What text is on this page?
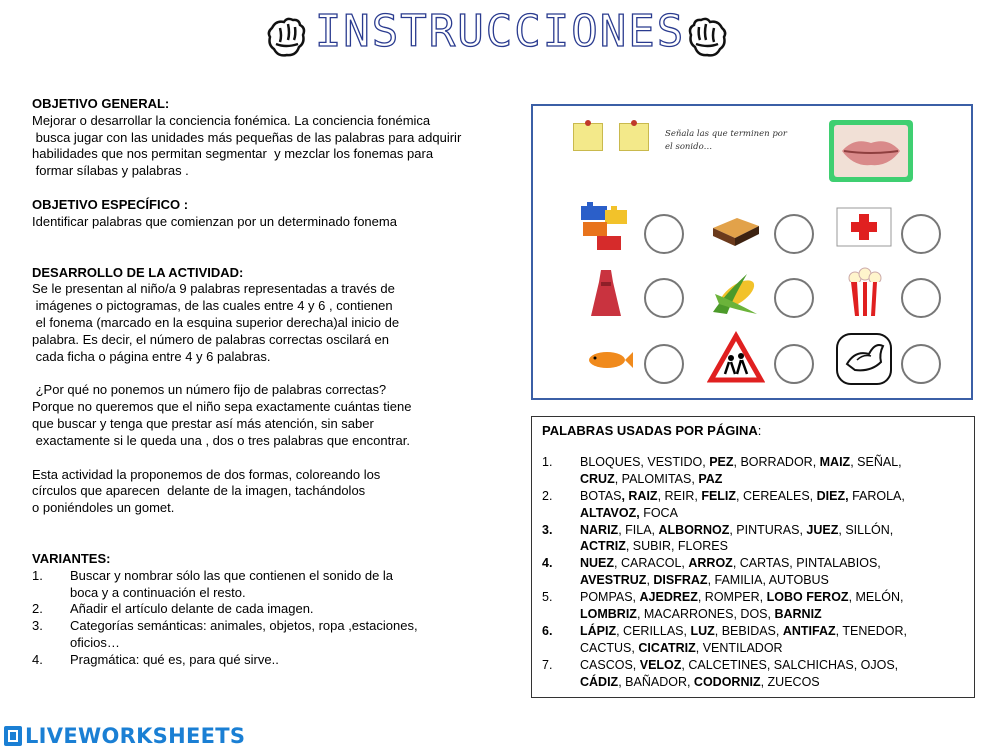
INSTRUCCIONES
OBJETIVO GENERAL:

Mejorar o desarrollar la conciencia fonémica. La conciencia fonémica

busca jugar con las unidades más pequeñas de las palabras para adquirir

habilidades que nos permitan segmentar  y mezclar los fonemas para

formar sílabas y palabras .

OBJETIVO ESPECÍFICO :

Identificar palabras que comienzan por un determinado fonema

DESARROLLO DE LA ACTIVIDAD:

Se le presentan al niño/a 9 palabras representadas a través de

imágenes o pictogramas, de las cuales entre 4 y 6 , contienen

el fonema (marcado en la esquina superior derecha)al inicio de

palabra. Es decir, el número de palabras correctas oscilará en

cada ficha o página entre 4 y 6 palabras.

¿Por qué no ponemos un número fijo de palabras correctas?

Porque no queremos que el niño sepa exactamente cuántas tiene

que buscar y tenga que prestar así más atención, sin saber

exactamente si le queda una , dos o tres palabras que encontrar.

Esta actividad la proponemos de dos formas, coloreando los

círculos que aparecen  delante de la imagen, tachándolos

o poniéndoles un gomet.

VARIANTES:
1.	Buscar y nombrar sólo las que contienen el sonido de la
boca y a continuación el resto.
2.	Añadir el artículo delante de cada imagen.
3.	Categorías semánticas: animales, objetos, ropa ,estaciones,
oficios…
4.	Pragmática: qué es, para qué sirve..
Señala las que terminen por
el sonido…
PALABRAS USADAS POR PÁGINA:
1.	BLOQUES, VESTIDO, PEZ, BORRADOR, MAIZ, SEÑAL,
CRUZ, PALOMITAS, PAZ
2.	BOTAS, RAIZ, REIR, FELIZ, CEREALES, DIEZ, FAROLA,
ALTAVOZ, FOCA
3.	NARIZ, FILA, ALBORNOZ, PINTURAS, JUEZ, SILLÓN,
ACTRIZ, SUBIR, FLORES
4.	NUEZ, CARACOL, ARROZ, CARTAS, PINTALABIOS,
AVESTRUZ, DISFRAZ, FAMILIA, AUTOBUS
5.	POMPAS, AJEDREZ, ROMPER, LOBO FEROZ, MELÓN,
LOMBRIZ, MACARRONES, DOS, BARNIZ
6.	LÁPIZ, CERILLAS, LUZ, BEBIDAS, ANTIFAZ, TENEDOR,
CACTUS, CICATRIZ, VENTILADOR
7.	CASCOS, VELOZ, CALCETINES, SALCHICHAS, OJOS,
CÁDIZ, BAÑADOR, CODORNIZ, ZUECOS
LIVEWORKSHEETS
